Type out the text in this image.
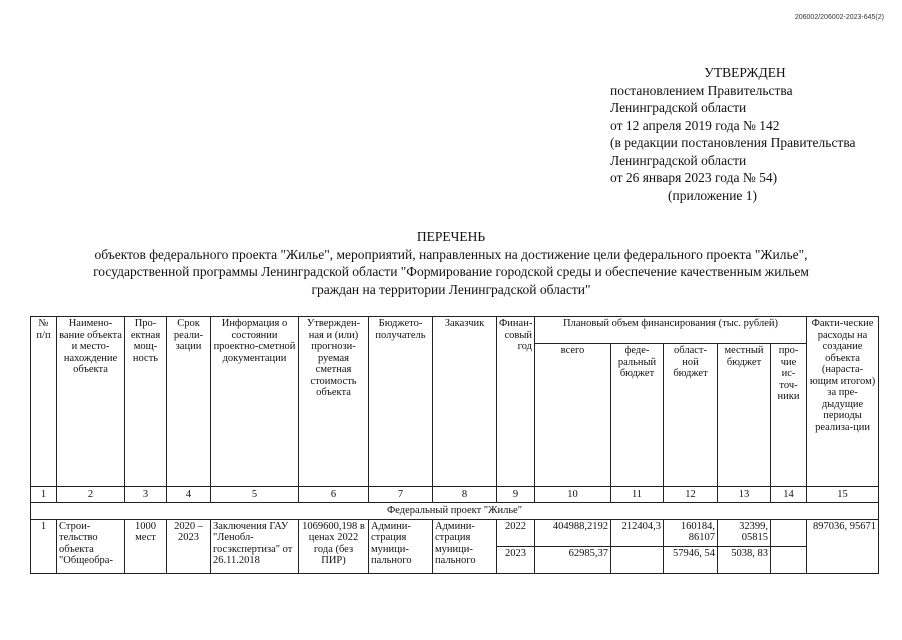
206002/206002-2023-645(2)
УТВЕРЖДЕН
постановлением Правительства
Ленинградской области
от 12 апреля 2019 года № 142
(в редакции постановления Правительства
Ленинградской области
от 26 января 2023 года № 54)
(приложение 1)
ПЕРЕЧЕНЬ
объектов федерального проекта "Жилье", мероприятий, направленных на достижение цели федерального проекта "Жилье",
государственной программы Ленинградской области "Формирование городской среды и обеспечение качественным жильем
граждан на территории Ленинградской области"
№ п/п	Наимено-вание объекта и место-нахождение объекта	Про-ектная мощ-ность	Срок реали-зации	Информация о состоянии проектно-сметной документации	Утвержден-ная и (или) прогнози-руемая сметная стоимость объекта	Бюджето-получатель	Заказчик	Финан-совый год	Плановый объем финансирования (тыс. рублей)					Факти-ческие расходы на создание объекта (нараста-ющим итогом) за пре-дыдущие периоды реализа-ции
									всего	феде-ральный бюджет	област-ной бюджет	местный бюджет	про-чие ис-точ-ники	
1	2	3	4	5	6	7	8	9	10	11	12	13	14	15
Федеральный проект "Жилье"														
1	Строи-тельство объекта "Общеобра-	1000 мест	2020 – 2023	Заключения ГАУ "Ленобл-госэкспертиза" от 26.11.2018	1069600,198 в ценах 2022 года (без ПИР)	Админи-страция муници-пального	Админи-страция муници-пального	2022	404988,2192	212404,3	160184, 86107	32399, 05815		897036, 95671
								2023	62985,37		57946, 54	5038, 83		
